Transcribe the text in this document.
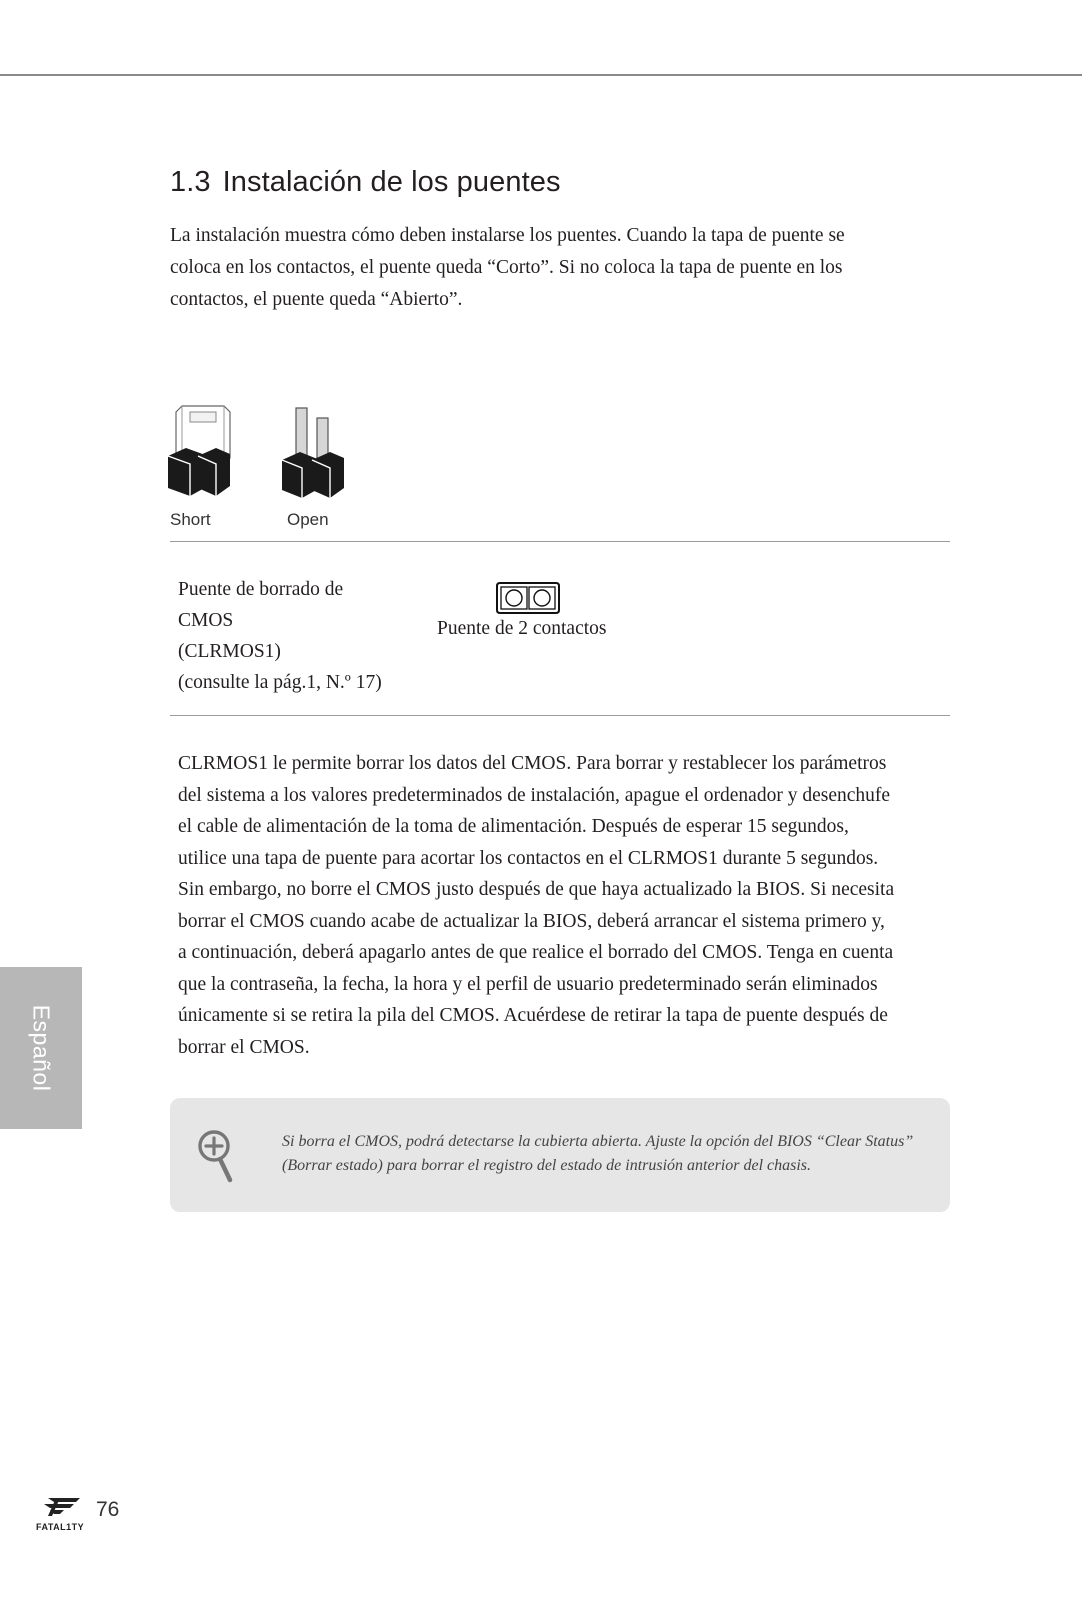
1.3 Instalación de los puentes

La instalación muestra cómo deben instalarse los puentes. Cuando la tapa de puente se coloca en los contactos, el puente queda “Corto”. Si no coloca la tapa de puente en los contactos, el puente queda “Abierto”.

Short	Open
Puente de borrado de
CMOS
(CLRMOS1)
(consulte la pág.1, N.º 17)
Puente de 2 contactos

CLRMOS1 le permite borrar los datos del CMOS. Para borrar y restablecer los parámetros del sistema a los valores predeterminados de instalación, apague el ordenador y desenchufe el cable de alimentación de la toma de alimentación. Después de esperar 15 segundos, utilice una tapa de puente para acortar los contactos en el CLRMOS1 durante 5 segundos. Sin embargo, no borre el CMOS justo después de que haya actualizado la BIOS. Si necesita borrar el CMOS cuando acabe de actualizar la BIOS, deberá arrancar el sistema primero y, a continuación, deberá apagarlo antes de que realice el borrado del CMOS. Tenga en cuenta que la contraseña, la fecha, la hora y el perfil de usuario predeterminado serán eliminados únicamente si se retira la pila del CMOS. Acuérdese de retirar la tapa de puente después de borrar el CMOS.

Español

Si borra el CMOS, podrá detectarse la cubierta abierta. Ajuste la opción del BIOS “Clear Status” (Borrar estado) para borrar el registro del estado de intrusión anterior del chasis.

FATAL1TY
76
